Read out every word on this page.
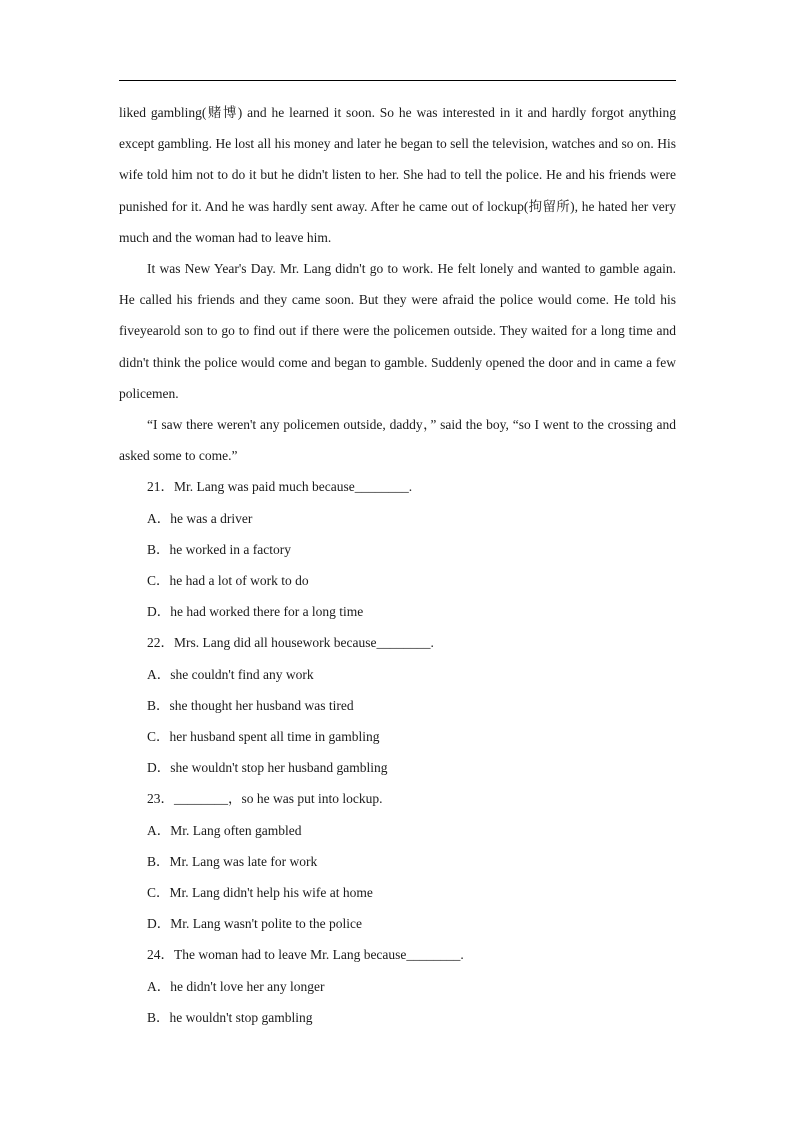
liked gambling(赌博) and he learned it soon. So he was interested in it and hardly forgot anything except gambling. He lost all his money and later he began to sell the television, watches and so on. His wife told him not to do it but he didn't listen to her. She had to tell the police. He and his friends were punished for it. And he was hardly sent away. After he came out of lockup(拘留所), he hated her very much and the woman had to leave him.

It was New Year's Day. Mr. Lang didn't go to work. He felt lonely and wanted to gamble again. He called his friends and they came soon. But they were afraid the police would come. He told his fiveyearold son to go to find out if there were the policemen outside. They waited for a long time and didn't think the police would come and began to gamble. Suddenly opened the door and in came a few policemen.

“I saw there weren't any policemen outside, daddy，” said the boy, “so I went to the crossing and asked some to come.”

21．Mr. Lang was paid much because________.

A．he was a driver

B．he worked in a factory

C．he had a lot of work to do

D．he had worked there for a long time

22．Mrs. Lang did all housework because________.

A．she couldn't find any work

B．she thought her husband was tired

C．her husband spent all time in gambling

D．she wouldn't stop her husband gambling

23．________，so he was put into lockup.

A．Mr. Lang often gambled

B．Mr. Lang was late for work

C．Mr. Lang didn't help his wife at home

D．Mr. Lang wasn't polite to the police

24．The woman had to leave Mr. Lang because________.

A．he didn't love her any longer

B．he wouldn't stop gambling
